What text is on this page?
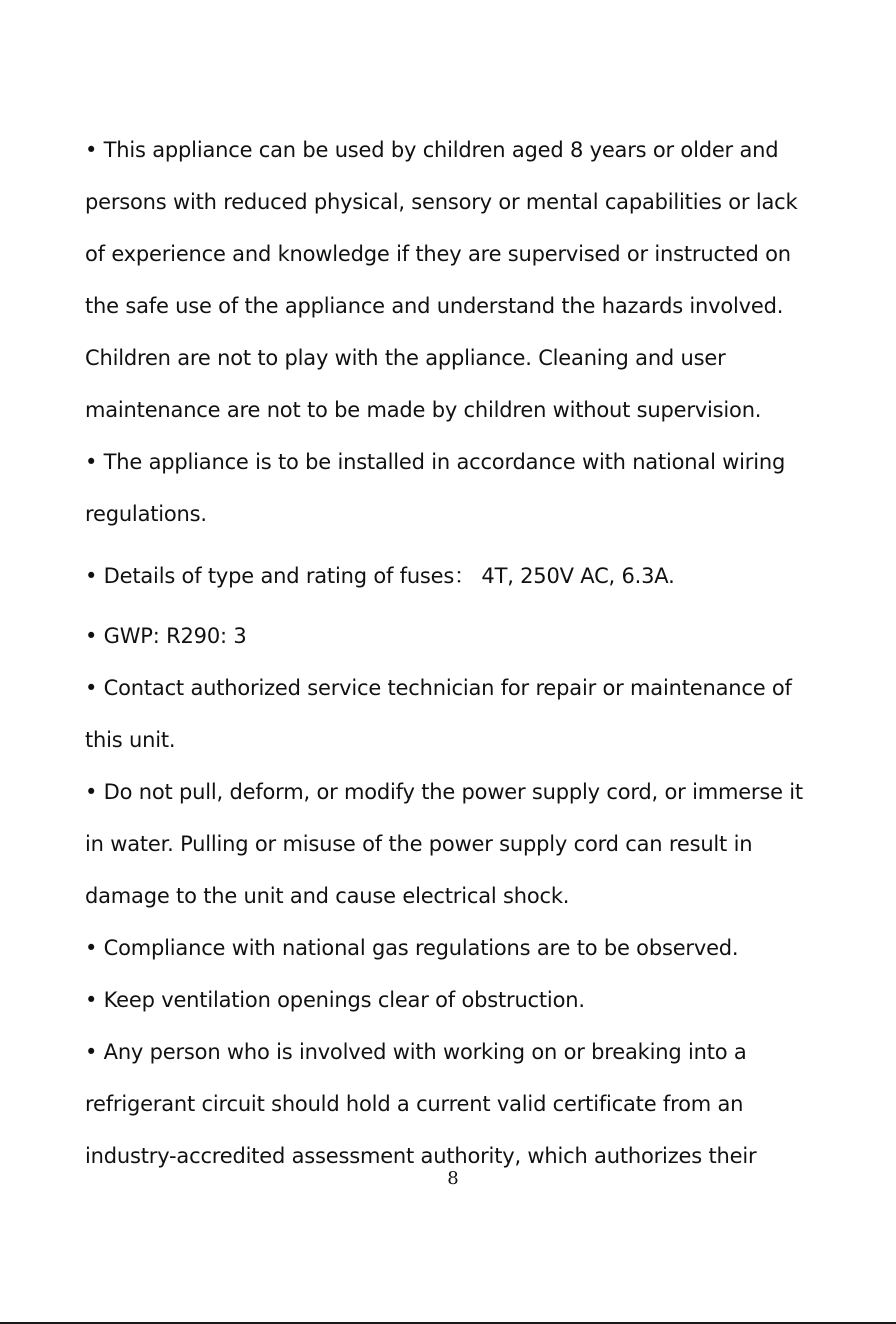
• This appliance can be used by children aged 8 years or older and
persons with reduced physical, sensory or mental capabilities or lack
of experience and knowledge if they are supervised or instructed on
the safe use of the appliance and understand the hazards involved.
Children are not to play with the appliance. Cleaning and user
maintenance are not to be made by children without supervision.
• The appliance is to be installed in accordance with national wiring
regulations.
• Details of type and rating of fuses： 4T, 250V AC, 6.3A.
• GWP: R290: 3
• Contact authorized service technician for repair or maintenance of
this unit.
• Do not pull, deform, or modify the power supply cord, or immerse it
in water. Pulling or misuse of the power supply cord can result in
damage to the unit and cause electrical shock.
• Compliance with national gas regulations are to be observed.
• Keep ventilation openings clear of obstruction.
• Any person who is involved with working on or breaking into a
refrigerant circuit should hold a current valid certificate from an
industry-accredited assessment authority, which authorizes their
8
